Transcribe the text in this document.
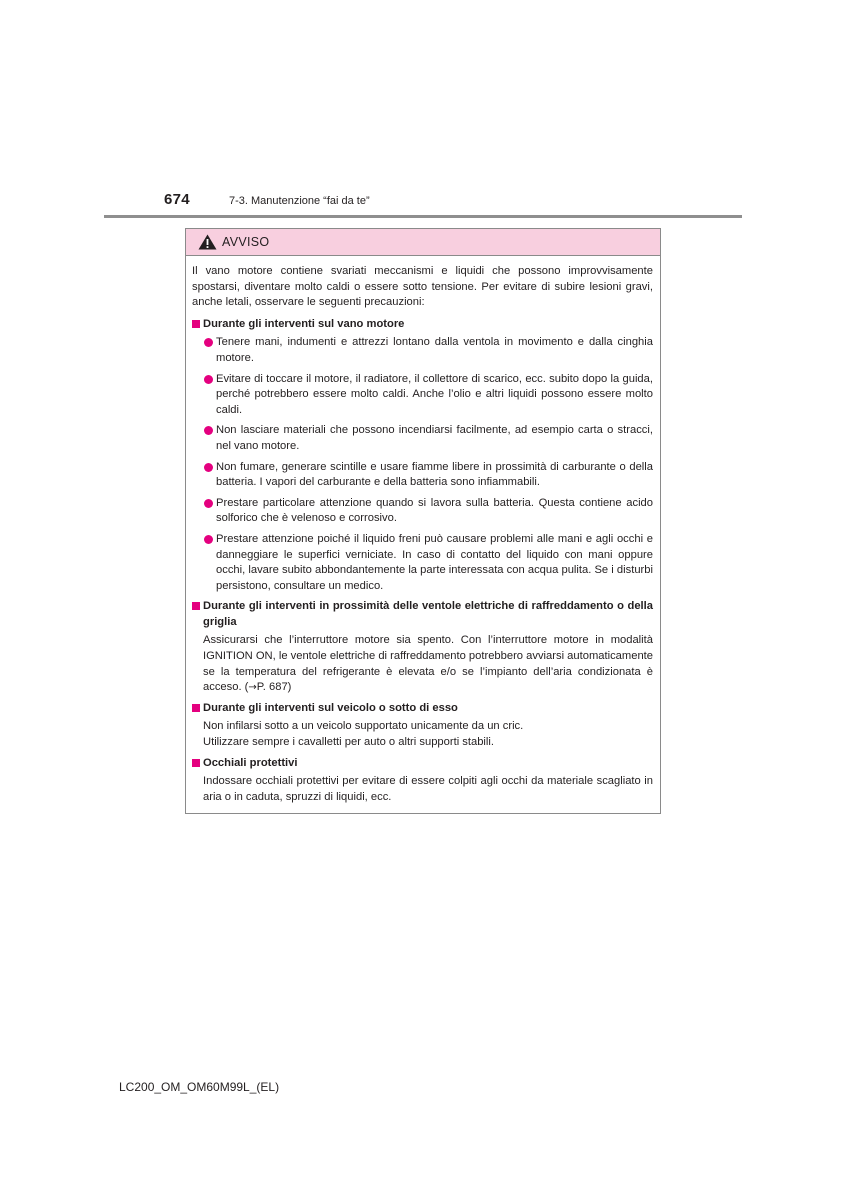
674	7-3. Manutenzione “fai da te”
AVVISO

Il vano motore contiene svariati meccanismi e liquidi che possono improvvisamente spostarsi, diventare molto caldi o essere sotto tensione. Per evitare di subire lesioni gravi, anche letali, osservare le seguenti precauzioni:

Durante gli interventi sul vano motore
Tenere mani, indumenti e attrezzi lontano dalla ventola in movimento e dalla cinghia motore.
Evitare di toccare il motore, il radiatore, il collettore di scarico, ecc. subito dopo la guida, perché potrebbero essere molto caldi. Anche l’olio e altri liquidi possono essere molto caldi.
Non lasciare materiali che possono incendiarsi facilmente, ad esempio carta o stracci, nel vano motore.
Non fumare, generare scintille e usare fiamme libere in prossimità di carburante o della batteria. I vapori del carburante e della batteria sono infiammabili.
Prestare particolare attenzione quando si lavora sulla batteria. Questa contiene acido solforico che è velenoso e corrosivo.
Prestare attenzione poiché il liquido freni può causare problemi alle mani e agli occhi e danneggiare le superfici verniciate. In caso di contatto del liquido con mani oppure occhi, lavare subito abbondantemente la parte interessata con acqua pulita. Se i disturbi persistono, consultare un medico.
Durante gli interventi in prossimità delle ventole elettriche di raffreddamento o della griglia

Assicurarsi che l’interruttore motore sia spento. Con l’interruttore motore in modalità IGNITION ON, le ventole elettriche di raffreddamento potrebbero avviarsi automaticamente se la temperatura del refrigerante è elevata e/o se l’impianto dell’aria condizionata è acceso. (→P. 687)

Durante gli interventi sul veicolo o sotto di esso

Non infilarsi sotto a un veicolo supportato unicamente da un cric.

Utilizzare sempre i cavalletti per auto o altri supporti stabili.

Occhiali protettivi

Indossare occhiali protettivi per evitare di essere colpiti agli occhi da materiale scagliato in aria o in caduta, spruzzi di liquidi, ecc.

LC200_OM_OM60M99L_(EL)
